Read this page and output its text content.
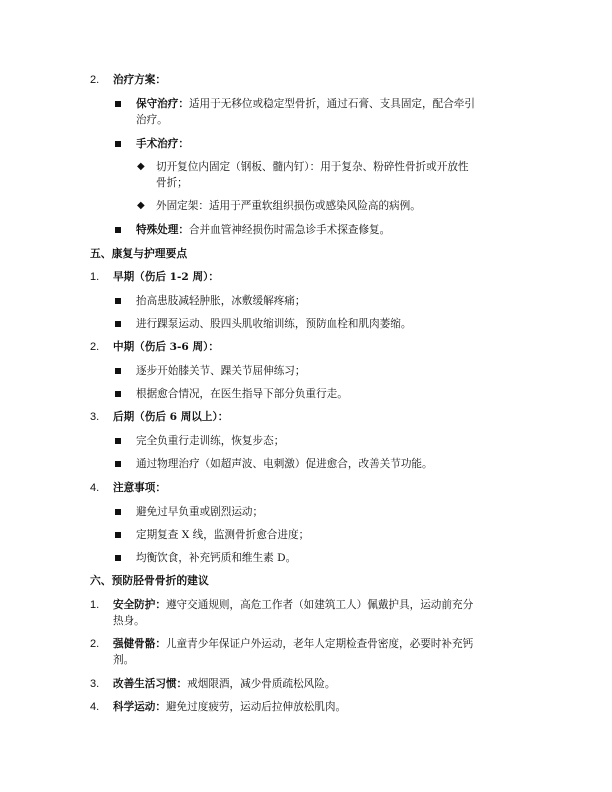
2. 治疗方案：
保守治疗：适用于无移位或稳定型骨折，通过石膏、支具固定，配合牵引
治疗。
手术治疗：
◆ 切开复位内固定（钢板、髓内钉）：用于复杂、粉碎性骨折或开放性
骨折；
◆ 外固定架：适用于严重软组织损伤或感染风险高的病例。
特殊处理：合并血管神经损伤时需急诊手术探查修复。
五、康复与护理要点
1. 早期（伤后 1-2 周）：
抬高患肢减轻肿胀，冰敷缓解疼痛；
进行踝泵运动、股四头肌收缩训练，预防血栓和肌肉萎缩。
2. 中期（伤后 3-6 周）：
逐步开始膝关节、踝关节屈伸练习；
根据愈合情况，在医生指导下部分负重行走。
3. 后期（伤后 6 周以上）：
完全负重行走训练，恢复步态；
通过物理治疗（如超声波、电刺激）促进愈合，改善关节功能。
4. 注意事项：
避免过早负重或剧烈运动；
定期复查 X 线，监测骨折愈合进度；
均衡饮食，补充钙质和维生素 D。
六、预防胫骨骨折的建议
1. 安全防护：遵守交通规则，高危工作者（如建筑工人）佩戴护具，运动前充分
热身。
2. 强健骨骼：儿童青少年保证户外运动，老年人定期检查骨密度，必要时补充钙
剂。
3. 改善生活习惯：戒烟限酒，减少骨质疏松风险。
4. 科学运动：避免过度疲劳，运动后拉伸放松肌肉。
